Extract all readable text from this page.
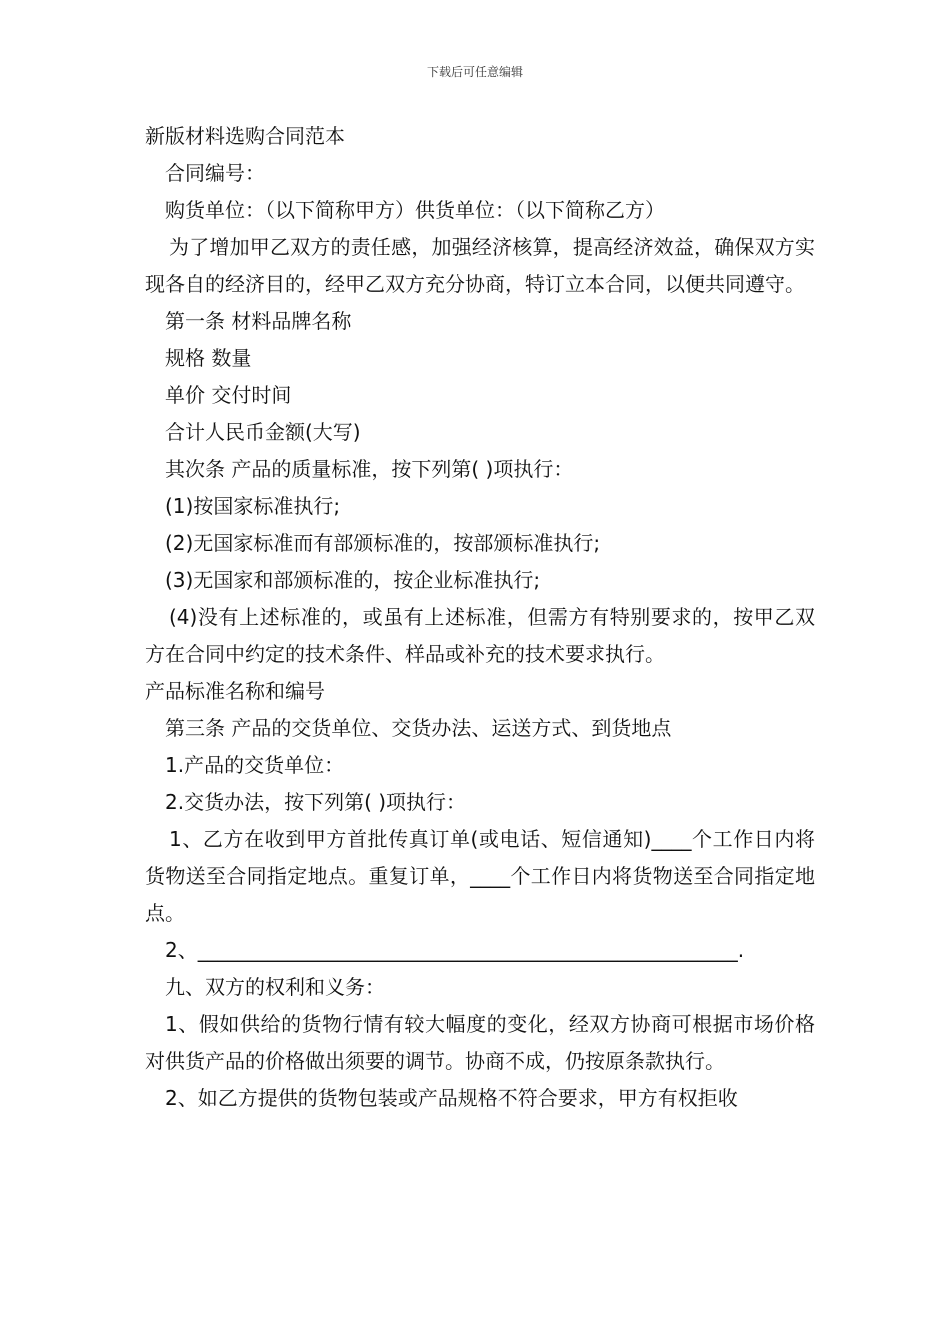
下载后可任意编辑

新版材料选购合同范本

合同编号：

购货单位：（以下简称甲方）供货单位：（以下简称乙方）

为了增加甲乙双方的责任感，加强经济核算，提高经济效益，确保双方实现各自的经济目的，经甲乙双方充分协商，特订立本合同，以便共同遵守。

第一条 材料品牌名称

规格 数量

单价 交付时间

合计人民币金额(大写)

其次条 产品的质量标准，按下列第( )项执行：

(1)按国家标准执行;

(2)无国家标准而有部颁标准的，按部颁标准执行;

(3)无国家和部颁标准的，按企业标准执行;

(4)没有上述标准的，或虽有上述标准，但需方有特别要求的，按甲乙双方在合同中约定的技术条件、样品或补充的技术要求执行。

产品标准名称和编号

第三条 产品的交货单位、交货办法、运送方式、到货地点

1.产品的交货单位：

2.交货办法，按下列第( )项执行：

1、乙方在收到甲方首批传真订单(或电话、短信通知)____个工作日内将货物送至合同指定地点。重复订单，____个工作日内将货物送至合同指定地点。

2、______________________________________________________.

九、双方的权利和义务：

1、假如供给的货物行情有较大幅度的变化，经双方协商可根据市场价格对供货产品的价格做出须要的调节。协商不成，仍按原条款执行。

2、如乙方提供的货物包装或产品规格不符合要求，甲方有权拒收
